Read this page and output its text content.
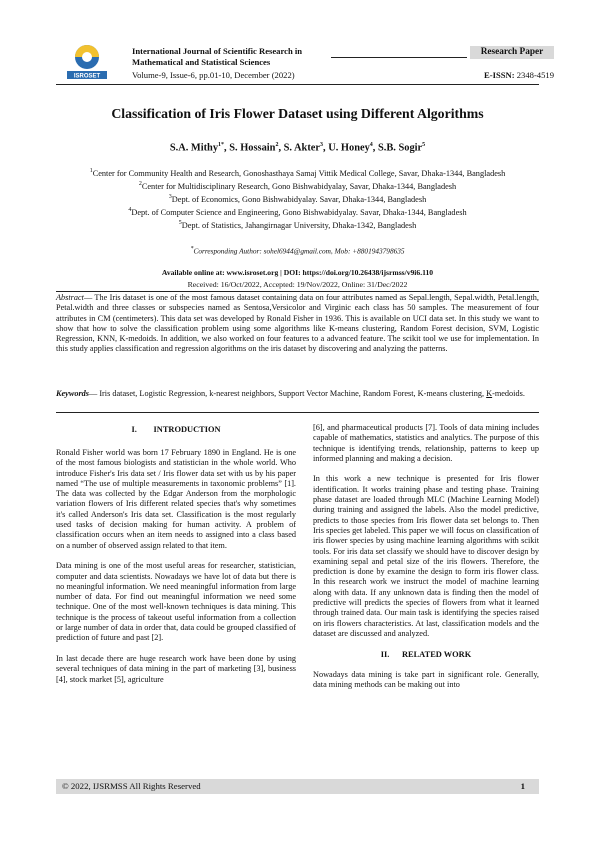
ISROSET
International Journal of Scientific Research in	Research Paper
Mathematical and Statistical Sciences
Volume-9, Issue-6, pp.01-10, December (2022)	E-ISSN: 2348-4519
Classification of Iris Flower Dataset using Different Algorithms
S.A. Mithy$^{1*}$, S. Hossain$^2$, S. Akter$^3$, U. Honey$^4$, S.B. Sogir$^5$

$^1$Center for Community Health and Research, Gonoshasthaya Samaj Vittik Medical College, Savar, Dhaka-1344, Bangladesh

$^2$Center for Multidisciplinary Research, Gono Bishwabidyalay, Savar, Dhaka-1344, Bangladesh

$^3$Dept. of Economics, Gono Bishwabidyalay. Savar, Dhaka-1344, Bangladesh

$^4$Dept. of Computer Science and Engineering, Gono Bishwabidyalay. Savar, Dhaka-1344, Bangladesh

$^5$Dept. of Statistics, Jahangirnagar University, Dhaka-1342, Bangladesh

*Corresponding Author: sohel6944@gmail.com, Mob: +8801943798635
Available online at: www.isroset.org | DOI: https://doi.org/10.26438/ijsrmss/v9i6.110
Received: 16/Oct/2022, Accepted: 19/Nov/2022, Online: 31/Dec/2022
Abstract— The Iris dataset is one of the most famous dataset containing data on four attributes named as Sepal.length, Sepal.width, Petal.length, Petal.width and three classes or subspecies named as Sentosa,Versicolor and Virginic each class has 50 samples. The measurement of four attributes in CM (centimeters). This data set was developed by Ronald Fisher in 1936. This is available on UCI data set. In this study we want to show that how to solve the classification problem using some algorithms like K-means clustering, Random Forest decision, SVM, Logistic Regression, KNN, K-medoids. In addition, we also worked on four features to a advanced feature. The scikit tool we use for implementation. In this study applies classification and regression algorithms on the iris dataset by discovering and analyzing the patterns.
Keywords— Iris dataset, Logistic Regression, k-nearest neighbors, Support Vector Machine, Random Forest, K-means clustering, K-medoids.
I.        INTRODUCTION

Ronald Fisher world was born 17 February 1890 in England. He is one of the most famous biologists and statistician in the whole world. Who introduce Fisher's Iris data set / Iris flower data set with us by his paper named “The use of multiple measurements in taxonomic problems” [1]. The data was collected by the Edgar Anderson from the morphologic variation flowers of Iris different related species that's why sometimes it's called Anderson's Iris data set. Classification is the most regularly used tasks of decision making for human activity. A problem of classification occurs when an item needs to assigned into a class based on a number of observed assign related to that item.

Data mining is one of the most useful areas for researcher, statistician, computer and data scientists. Nowadays we have lot of data but there is no meaningful information. We need meaningful information from large number of data. For find out meaningful information we need some technique. One of the most well-known techniques is data mining. This technique is the process of takeout useful information from a collection or large number of data in order that, data could be grouped classified of prediction of future and past [2].

In last decade there are huge research work have been done by using several techniques of data mining in the part of marketing [3], business [4], stock market [5], agriculture

[6], and pharmaceutical products [7]. Tools of data mining includes capable of mathematics, statistics and analytics. The purpose of this technique is identifying trends, relationship, patterns to keep up informed planning and making a decision.

In this work a new technique is presented for Iris flower identification. It works training phase and testing phase. Training phase dataset are loaded through MLC (Machine Learning Model) during training and assigned the labels. Also the model predictive, predicts to those species from Iris flower data set belongs to. Then Iris species get labeled. This paper we will focus on classification of iris flower species by using machine learning algorithms with scikit tools. For iris data set classify we should have to discover design by examining sepal and petal size of the iris flowers. Therefore, the prediction is done by examine the design to form iris flower class. In this research work we instruct the model of machine learning along with data. If any unknown data is finding then the model of predictive will predicts the species of flowers from what it learned through trained data. Our main task is identifying the species raised on iris flowers characteristics. At last, classification models and the dataset are discussed and analyzed.

II.      RELATED WORK

Nowadays data mining is take part in significant role. Generally, data mining methods can be making out into

© 2022, IJSRMSS All Rights Reserved	1
